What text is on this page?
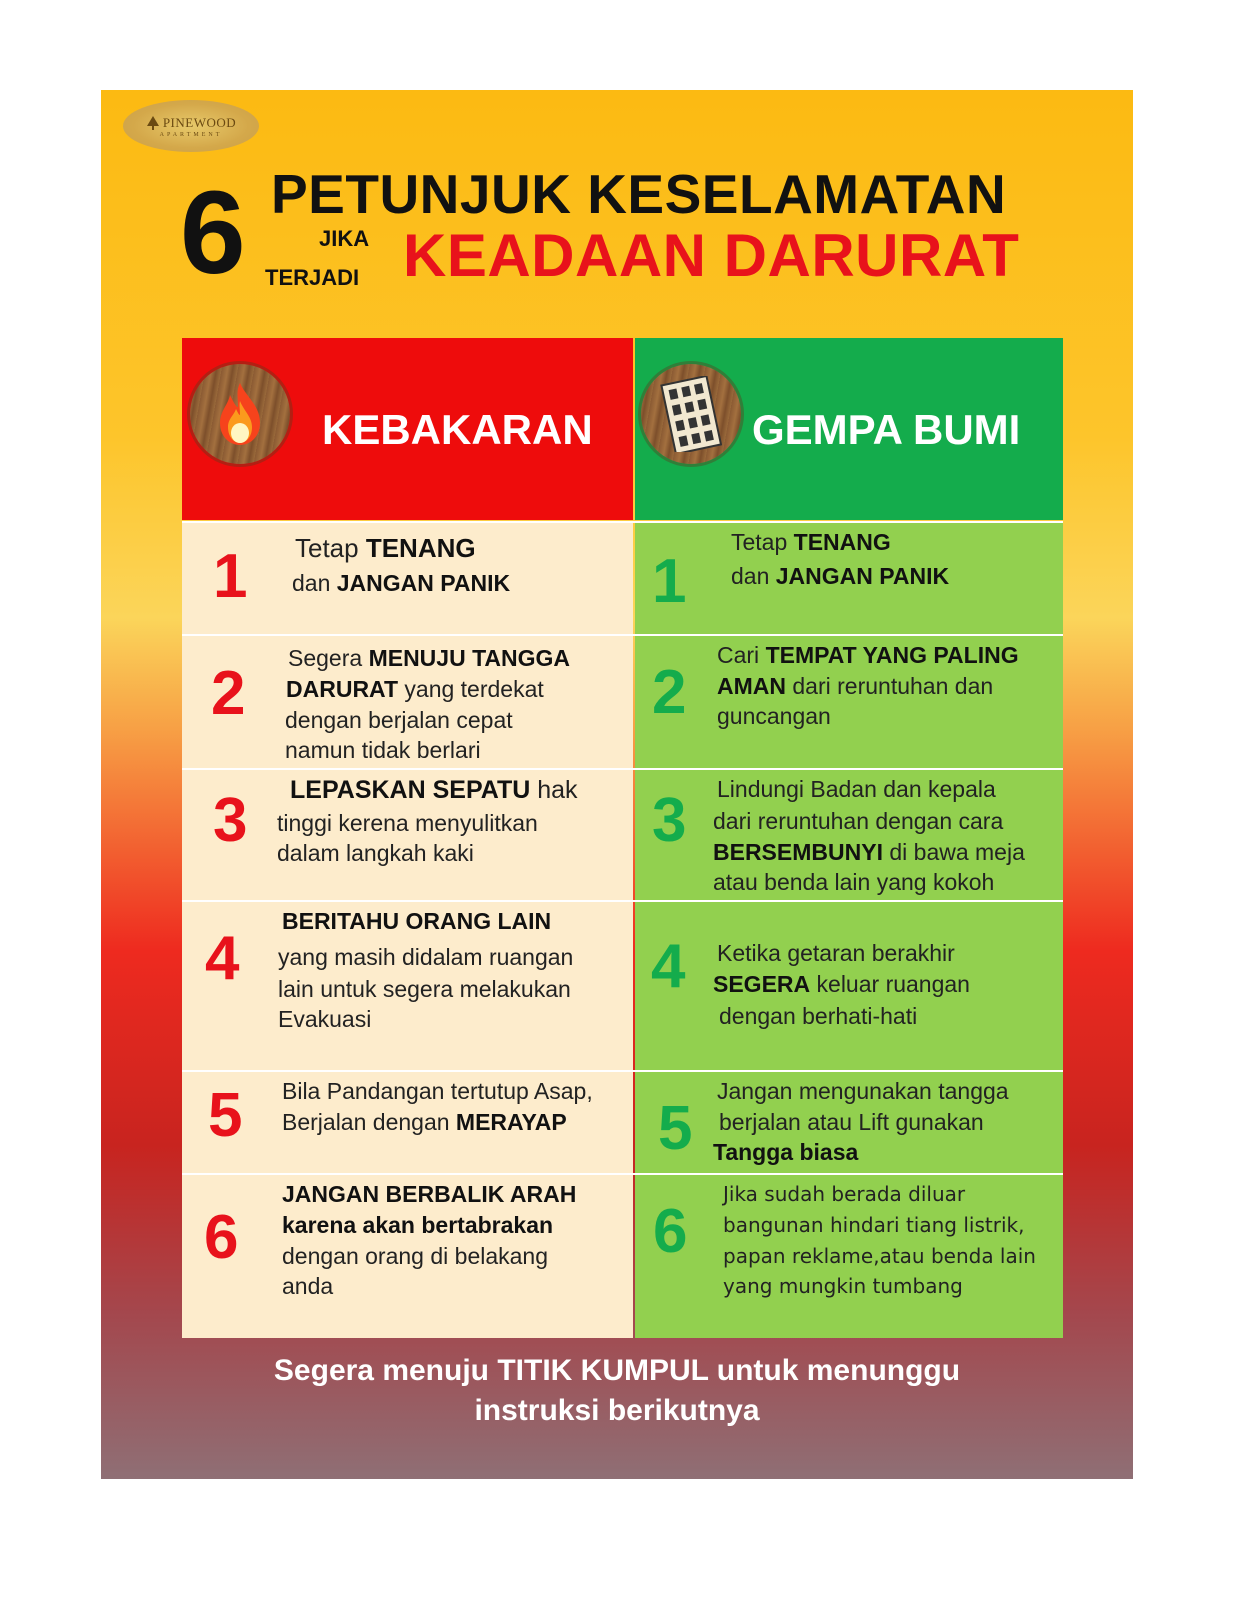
PINEWOOD
APARTMENT
6 PETUNJUK KESELAMATAN
JIKA
TERJADI KEADAAN DARURAT
KEBAKARAN	GEMPA BUMI
1 Tetap TENANG
dan JANGAN PANIK 1
Tetap TENANG
dan JANGAN PANIK
2
Segera MENUJU TANGGA
DARURAT yang terdekat
dengan berjalan cepat
namun tidak berlari
2
Cari TEMPAT YANG PALING
AMAN dari reruntuhan dan
guncangan
3 LEPASKAN SEPATU hak
tinggi kerena menyulitkan
dalam langkah kaki	3 Lindungi Badan dan kepala
dari reruntuhan dengan cara
BERSEMBUNYI di bawa meja
atau benda lain yang kokoh
4
BERITAHU ORANG LAIN
yang masih didalam ruangan
lain untuk segera melakukan
Evakuasi
4 Ketika getaran berakhir
SEGERA keluar ruangan
dengan berhati-hati
5 Bila Pandangan tertutup Asap,
Berjalan dengan MERAYAP 5
Jangan mengunakan tangga
berjalan atau Lift gunakan
Tangga biasa
6
JANGAN BERBALIK ARAH
karena akan bertabrakan
dengan orang di belakang
anda
6
Jika sudah berada diluar
bangunan hindari tiang listrik,
papan reklame,atau benda lain
yang mungkin tumbang
Segera menuju TITIK KUMPUL untuk menunggu
instruksi berikutnya
